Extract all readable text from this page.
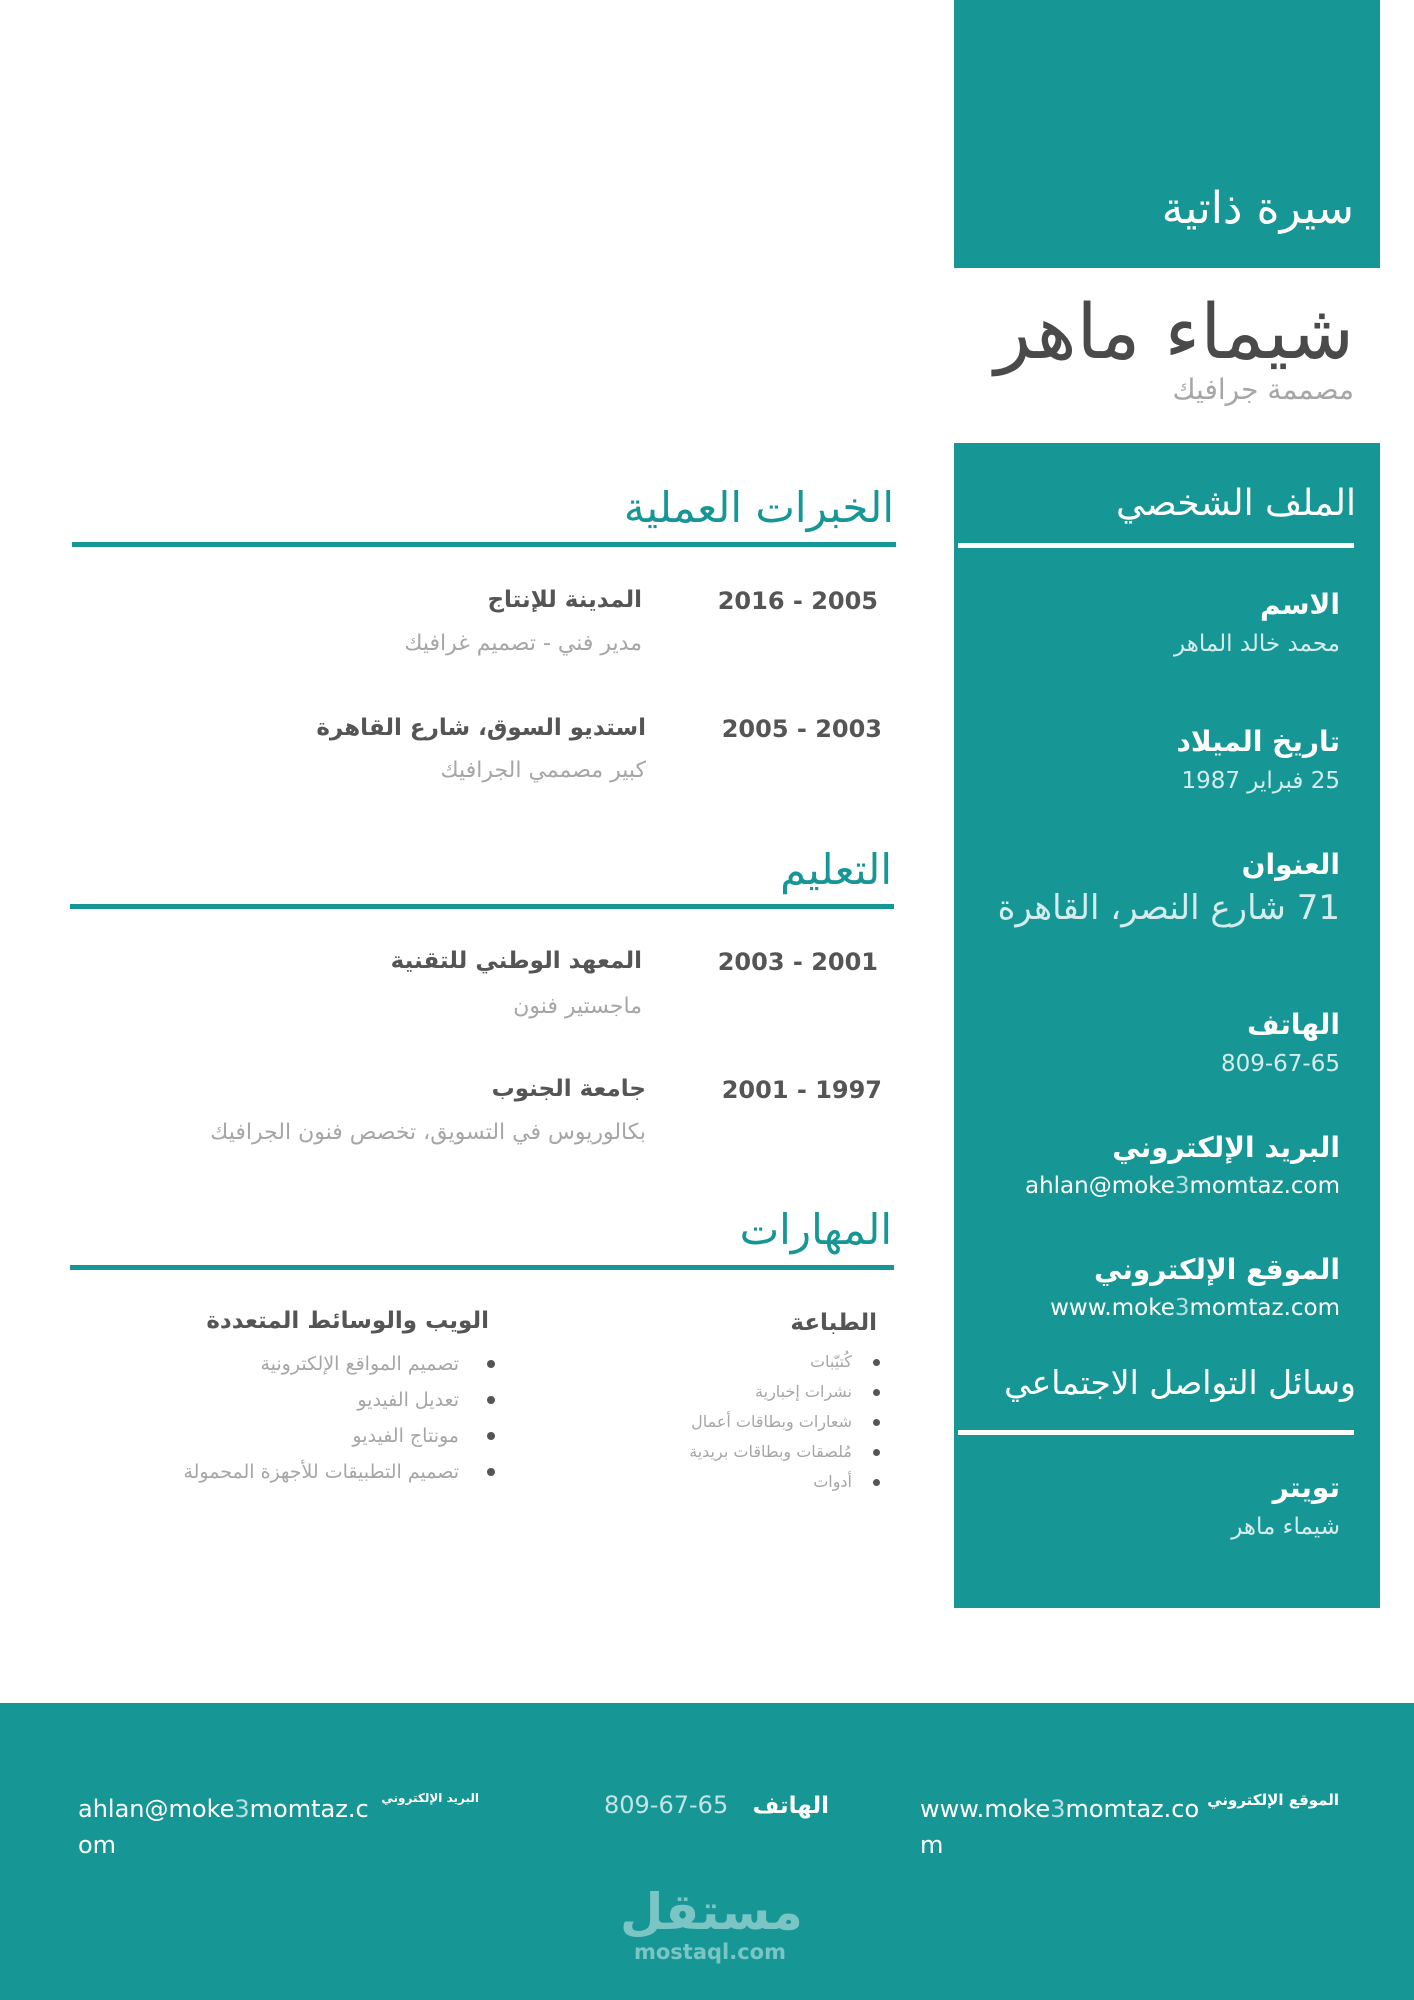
سيرة ذاتية
شيماء ماهر
مصممة جرافيك
الملف الشخصي
الاسم
محمد خالد الماهر
تاريخ الميلاد
25 فبراير 1987
العنوان
71 شارع النصر، القاهرة
الهاتف
809-67-65
البريد الإلكتروني
ahlan@moke3momtaz.com
الموقع الإلكتروني
www.moke3momtaz.com
وسائل التواصل الاجتماعي
تويتر
شيماء ماهر
الخبرات العملية
2016 - 2005
المدينة للإنتاج
مدير فني - تصميم غرافيك
2005 - 2003
استديو السوق، شارع القاهرة
كبير مصممي الجرافيك
التعليم
2003 - 2001
المعهد الوطني للتقنية
ماجستير فنون
2001 - 1997
جامعة الجنوب
بكالوريوس في التسويق، تخصص فنون الجرافيك
المهارات
الطباعة
كُتيّبات
نشرات إخبارية
شعارات وبطاقات أعمال
مُلصقات وبطاقات بريدية
أدوات
الويب والوسائط المتعددة
تصميم المواقع الإلكترونية
تعديل الفيديو
مونتاج الفيديو
تصميم التطبيقات للأجهزة المحمولة
الموقع الإلكتروني
www.moke3momtaz.com
الهاتف
809-67-65
البريد الإلكتروني
ahlan@moke3momtaz.com
مستقل
mostaql.com
